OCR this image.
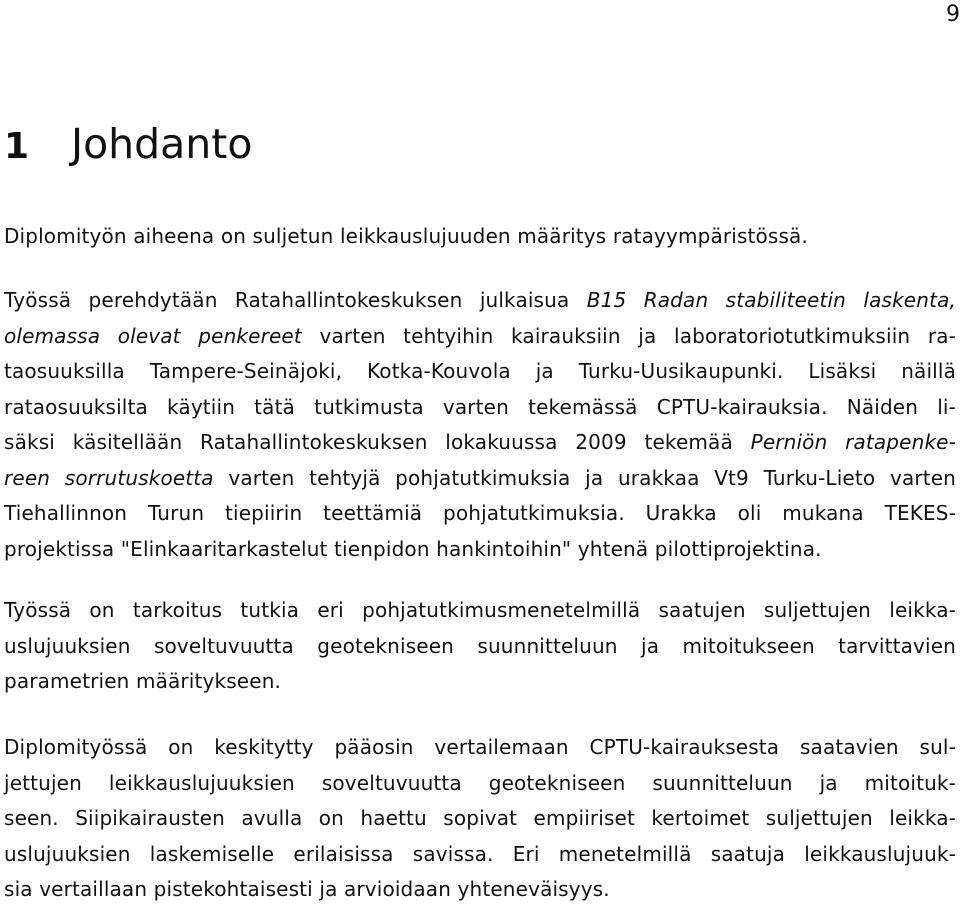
9
1 Johdanto

Diplomityön aiheena on suljetun leikkauslujuuden määritys ratayympäristössä.

Työssä perehdytään Ratahallintokeskuksen julkaisua B15 Radan stabiliteetin laskenta,
olemassa olevat penkereet varten tehtyihin kairauksiin ja laboratoriotutkimuksiin ra-
taosuuksilla Tampere-Seinäjoki, Kotka-Kouvola ja Turku-Uusikaupunki. Lisäksi näillä
rataosuuksilta käytiin tätä tutkimusta varten tekemässä CPTU-kairauksia. Näiden li-
säksi käsitellään Ratahallintokeskuksen lokakuussa 2009 tekemää Perniön ratapenke-
reen sorrutuskoetta varten tehtyjä pohjatutkimuksia ja urakkaa Vt9 Turku-Lieto varten
Tiehallinnon Turun tiepiirin teettämiä pohjatutkimuksia. Urakka oli mukana TEKES-
projektissa "Elinkaaritarkastelut tienpidon hankintoihin" yhtenä pilottiprojektina.

Työssä on tarkoitus tutkia eri pohjatutkimusmenetelmillä saatujen suljettujen leikka-
uslujuuksien soveltuvuutta geotekniseen suunnitteluun ja mitoitukseen tarvittavien
parametrien määritykseen.

Diplomityössä on keskitytty pääosin vertailemaan CPTU-kairauksesta saatavien sul-
jettujen leikkauslujuuksien soveltuvuutta geotekniseen suunnitteluun ja mitoituk-
seen. Siipikairausten avulla on haettu sopivat empiiriset kertoimet suljettujen leikka-
uslujuuksien laskemiselle erilaisissa savissa. Eri menetelmillä saatuja leikkauslujuuk-
sia vertaillaan pistekohtaisesti ja arvioidaan yhteneväisyys.
